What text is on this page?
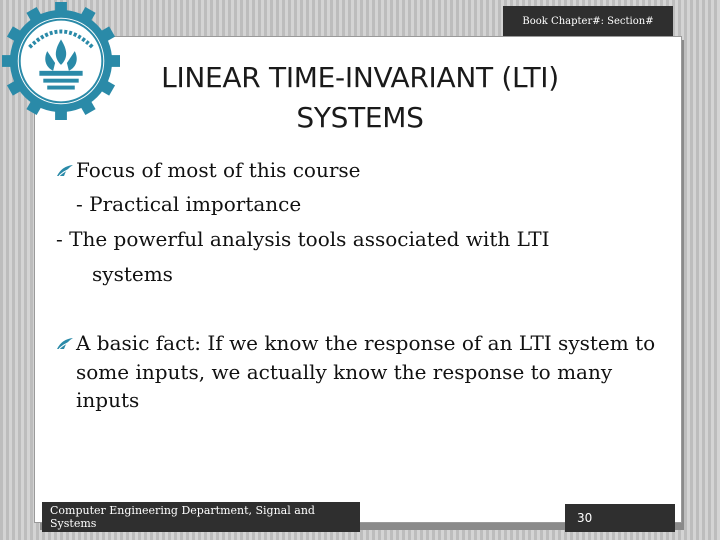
Book Chapter#: Section#
LINEAR TIME-INVARIANT (LTI)
SYSTEMS
Focus of most of this course
- Practical importance
- The powerful analysis tools associated with LTI
systems
A basic fact: If we know the response of an LTI system to
some inputs, we actually know the response to many
inputs
Computer Engineering Department, Signal and Systems	30
